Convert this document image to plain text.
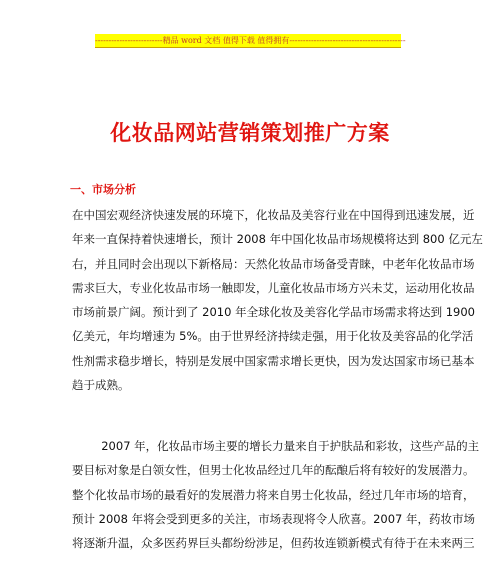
-------------------------精品 word 文档 值得下载 值得拥有-------------------------------------------
化妆品网站营销策划推广方案
一、市场分析
在中国宏观经济快速发展的环境下，化妆品及美容行业在中国得到迅速发展，近
年来一直保持着快速增长，预计 2008 年中国化妆品市场规模将达到 800 亿元左
右，并且同时会出现以下新格局：天然化妆品市场备受青睐，中老年化妆品市场
需求巨大，专业化妆品市场一触即发，儿童化妆品市场方兴未艾，运动用化妆品
市场前景广阔。预计到了 2010 年全球化妆及美容化学品市场需求将达到 1900
亿美元，年均增速为 5%。由于世界经济持续走强，用于化妆及美容品的化学活
性剂需求稳步增长，特别是发展中国家需求增长更快，因为发达国家市场已基本
趋于成熟。
2007 年，化妆品市场主要的增长力量来自于护肤品和彩妆，这些产品的主
要目标对象是白领女性，但男士化妆品经过几年的酝酿后将有较好的发展潜力。
整个化妆品市场的最看好的发展潜力将来自男士化妆品，经过几年市场的培育，
预计 2008 年将会受到更多的关注，市场表现将令人欣喜。2007 年，药妆市场
将逐渐升温，众多医药界巨头都纷纷涉足，但药妆连锁新模式有待于在未来两三
